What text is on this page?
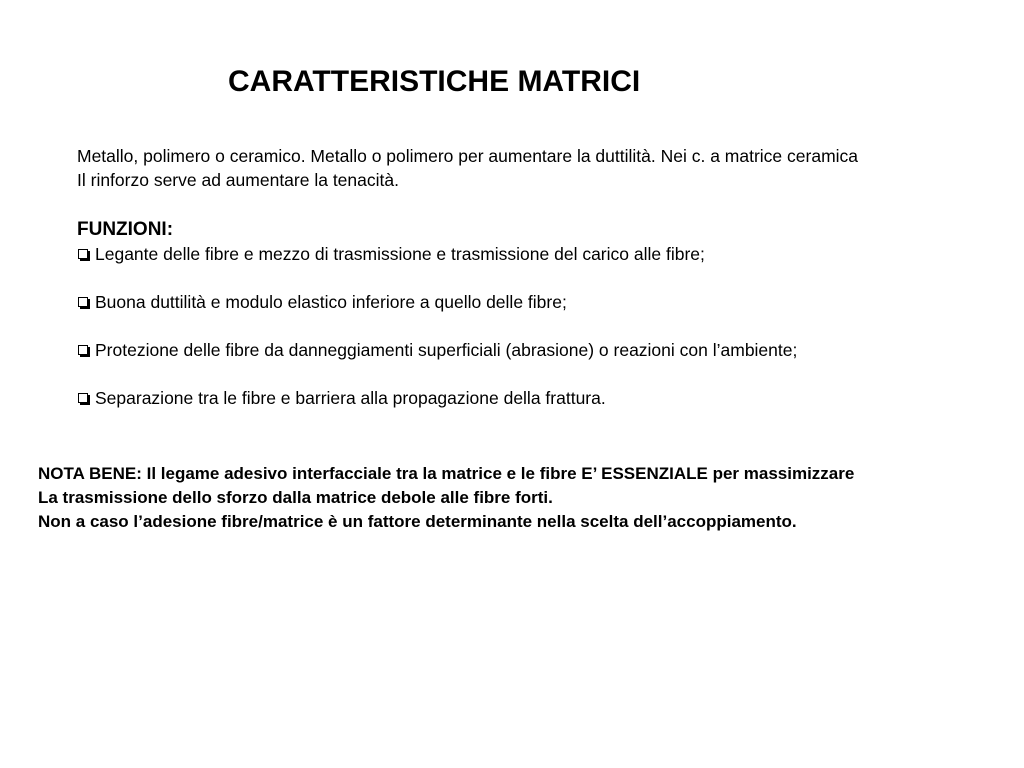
CARATTERISTICHE MATRICI
Metallo, polimero o ceramico. Metallo o polimero per aumentare la duttilità. Nei c. a matrice ceramica
Il rinforzo serve ad aumentare la tenacità.
FUNZIONI:
Legante delle fibre e mezzo di trasmissione e trasmissione del carico alle fibre;
Buona duttilità e modulo elastico inferiore a quello delle fibre;
Protezione delle fibre da danneggiamenti superficiali (abrasione) o reazioni con l’ambiente;
Separazione tra le fibre e barriera alla propagazione della frattura.
NOTA BENE: Il legame adesivo interfacciale tra la matrice e le fibre E’ ESSENZIALE per massimizzare
La trasmissione dello sforzo dalla matrice debole alle fibre forti.
Non a caso l’adesione fibre/matrice è un fattore determinante nella scelta dell’accoppiamento.
